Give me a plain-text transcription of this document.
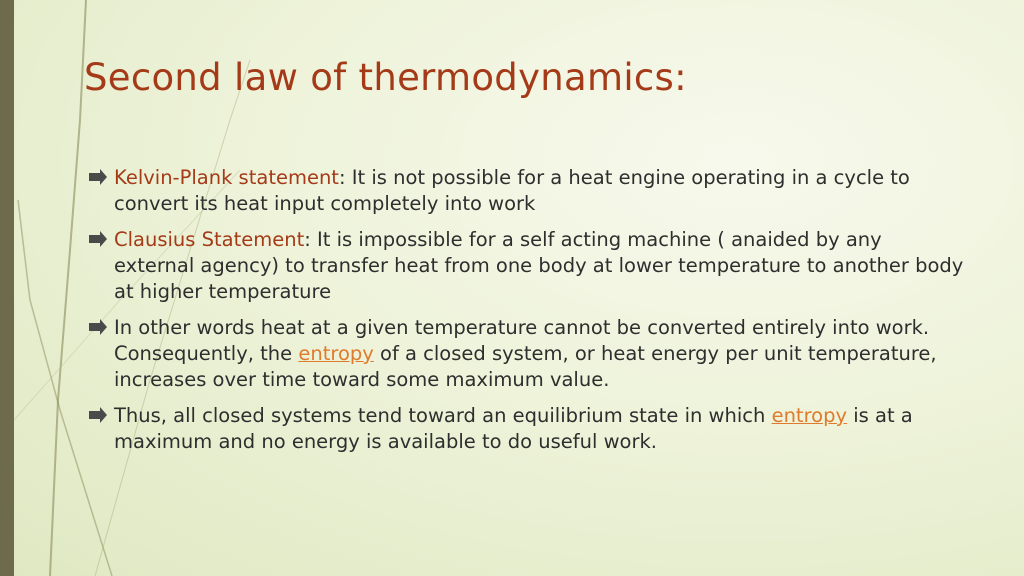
Second law of thermodynamics:
Kelvin-Plank statement: It is not possible for a heat engine operating in a cycle to convert its heat input completely into work
Clausius Statement: It is impossible for a self acting machine ( anaided by any external agency) to transfer heat from one body at lower temperature to another body at higher temperature
In other words heat at a given temperature cannot be converted entirely into work. Consequently, the entropy of a closed system, or heat energy per unit temperature, increases over time toward some maximum value.
Thus, all closed systems tend toward an equilibrium state in which entropy is at a maximum and no energy is available to do useful work.
